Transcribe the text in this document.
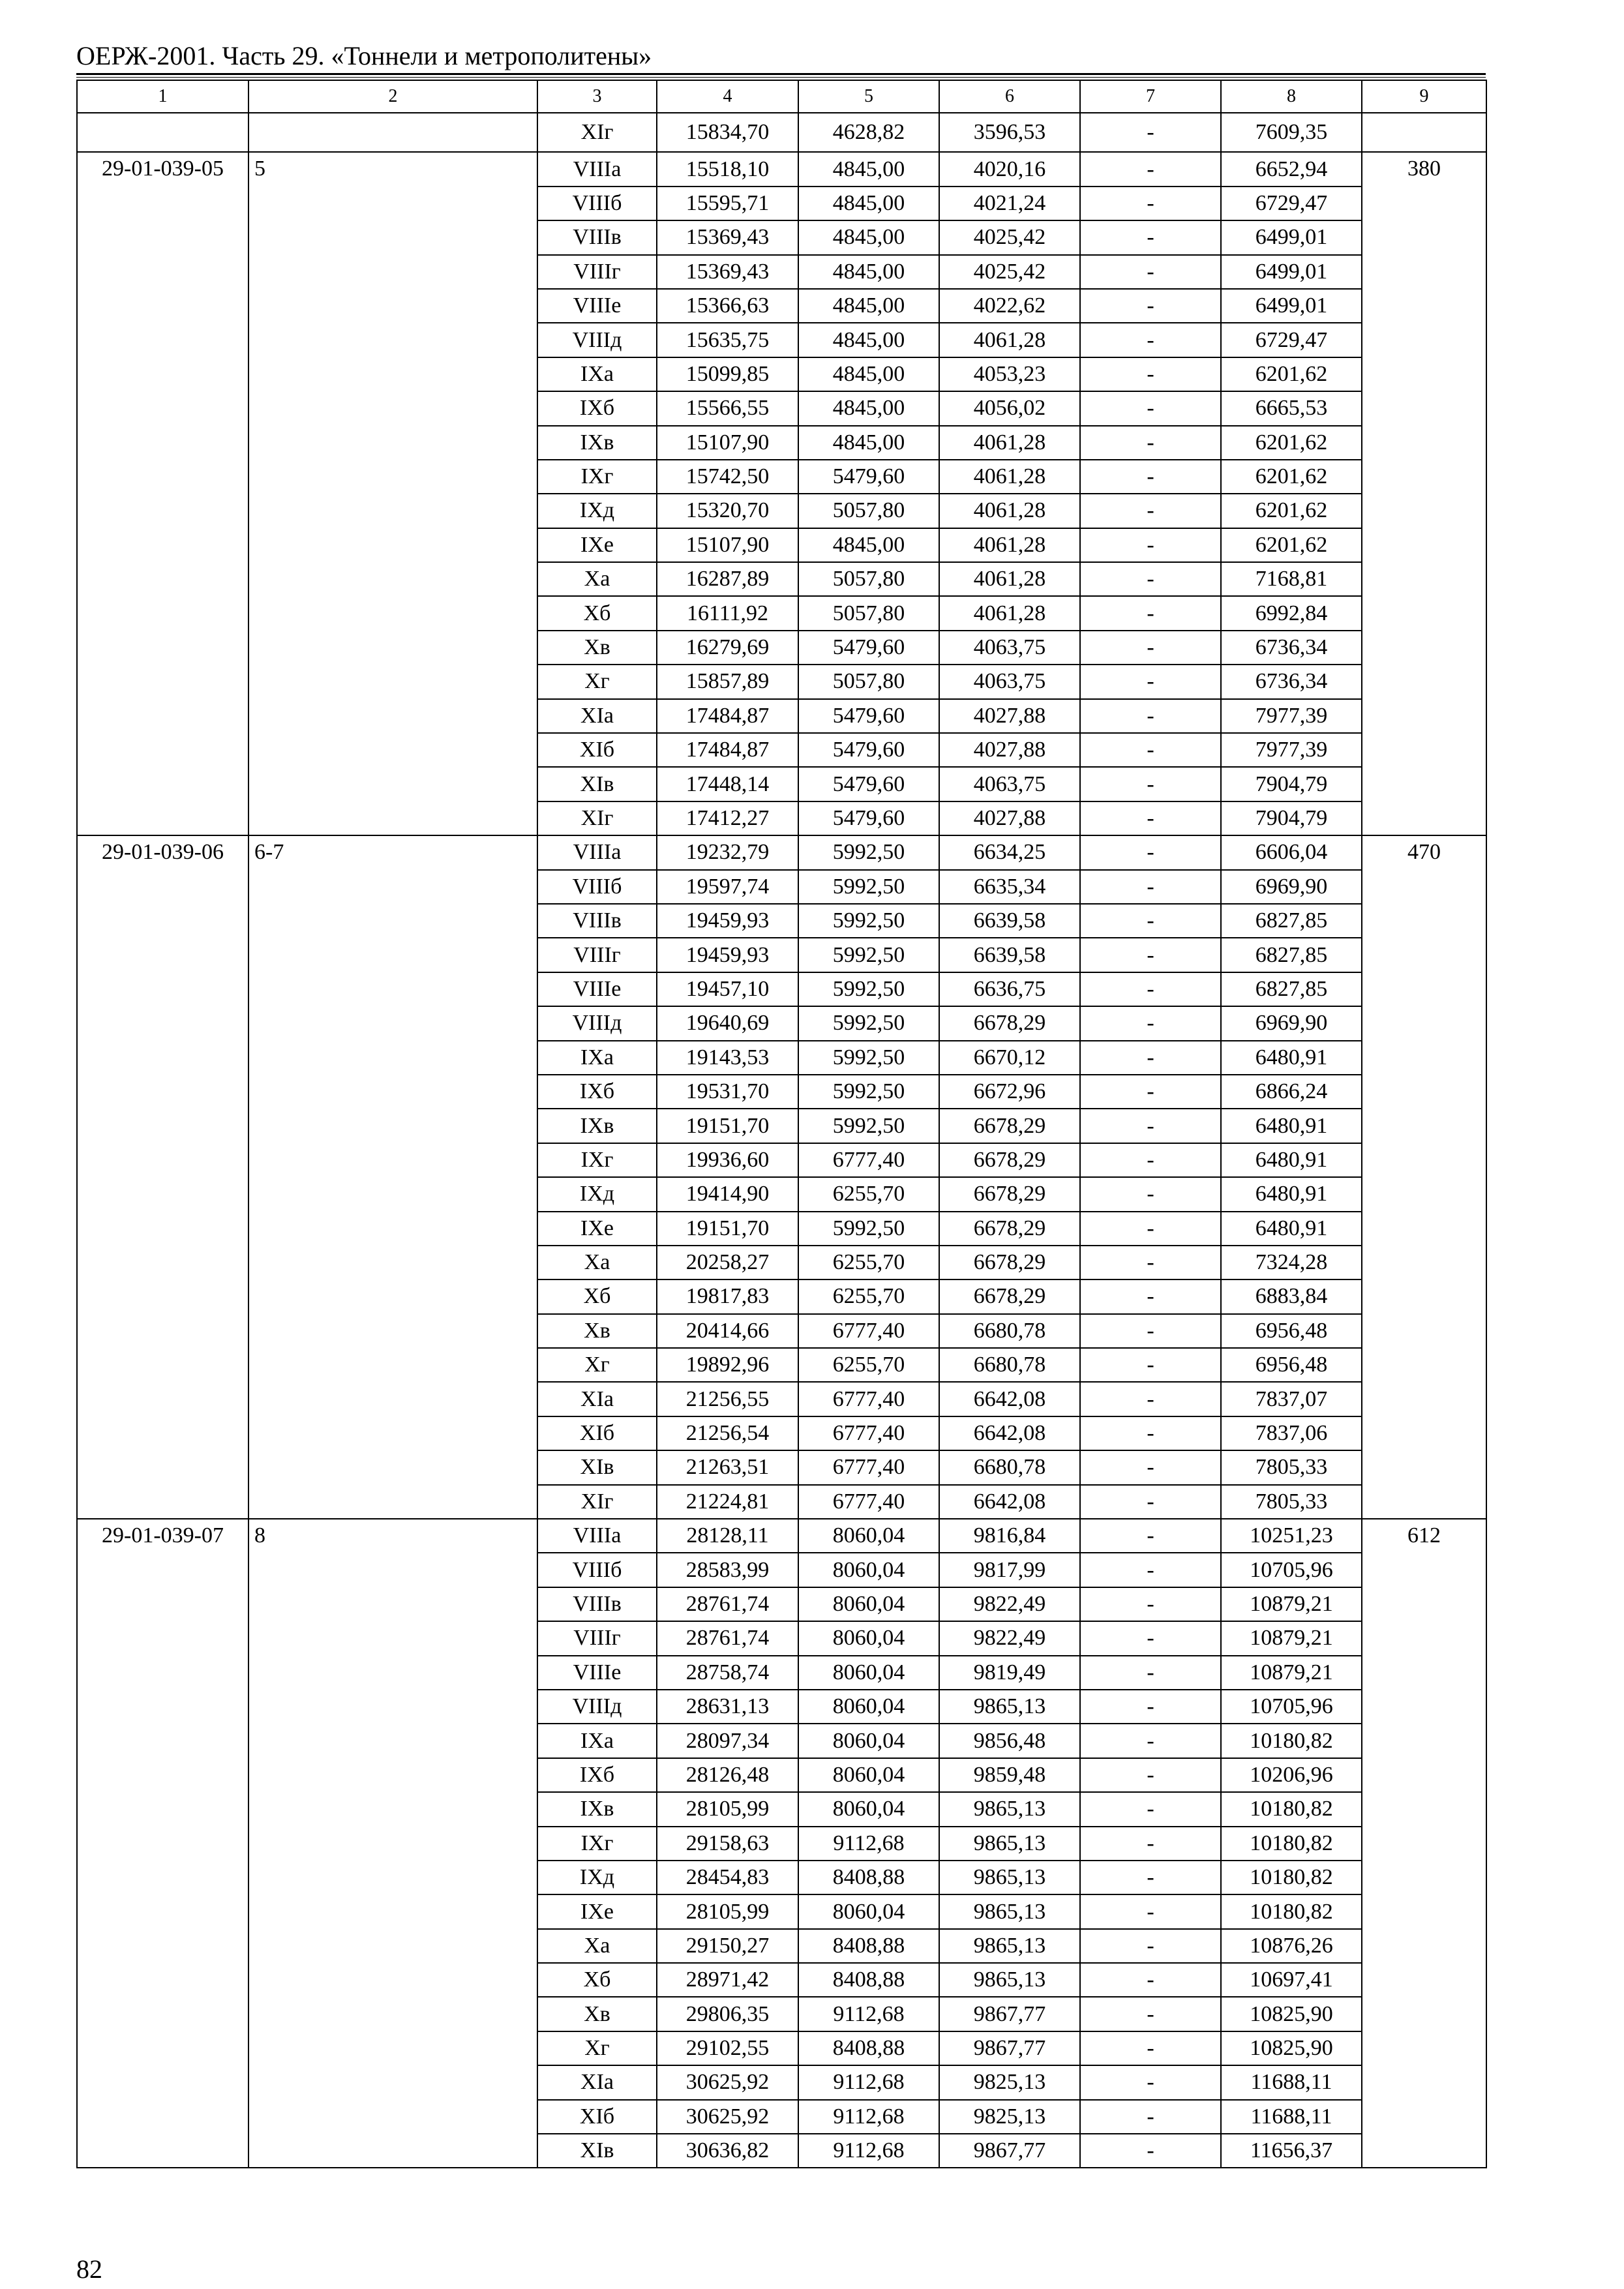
ОЕРЖ-2001. Часть 29. «Тоннели и метрополитены»
1	2	3	4	5	6	7	8	9
		XIг	15834,70	4628,82	3596,53	-	7609,35	
29-01-039-05	5	VIIIа	15518,10	4845,00	4020,16	-	6652,94	380
		VIIIб	15595,71	4845,00	4021,24	-	6729,47	
		VIIIв	15369,43	4845,00	4025,42	-	6499,01	
		VIIIг	15369,43	4845,00	4025,42	-	6499,01	
		VIIIе	15366,63	4845,00	4022,62	-	6499,01	
		VIIIд	15635,75	4845,00	4061,28	-	6729,47	
		IXа	15099,85	4845,00	4053,23	-	6201,62	
		IXб	15566,55	4845,00	4056,02	-	6665,53	
		IXв	15107,90	4845,00	4061,28	-	6201,62	
		IXг	15742,50	5479,60	4061,28	-	6201,62	
		IXд	15320,70	5057,80	4061,28	-	6201,62	
		IXе	15107,90	4845,00	4061,28	-	6201,62	
		Xа	16287,89	5057,80	4061,28	-	7168,81	
		Xб	16111,92	5057,80	4061,28	-	6992,84	
		Xв	16279,69	5479,60	4063,75	-	6736,34	
		Xг	15857,89	5057,80	4063,75	-	6736,34	
		XIа	17484,87	5479,60	4027,88	-	7977,39	
		XIб	17484,87	5479,60	4027,88	-	7977,39	
		XIв	17448,14	5479,60	4063,75	-	7904,79	
		XIг	17412,27	5479,60	4027,88	-	7904,79	
29-01-039-06	6-7	VIIIа	19232,79	5992,50	6634,25	-	6606,04	470
		VIIIб	19597,74	5992,50	6635,34	-	6969,90	
		VIIIв	19459,93	5992,50	6639,58	-	6827,85	
		VIIIг	19459,93	5992,50	6639,58	-	6827,85	
		VIIIе	19457,10	5992,50	6636,75	-	6827,85	
		VIIIд	19640,69	5992,50	6678,29	-	6969,90	
		IXа	19143,53	5992,50	6670,12	-	6480,91	
		IXб	19531,70	5992,50	6672,96	-	6866,24	
		IXв	19151,70	5992,50	6678,29	-	6480,91	
		IXг	19936,60	6777,40	6678,29	-	6480,91	
		IXд	19414,90	6255,70	6678,29	-	6480,91	
		IXе	19151,70	5992,50	6678,29	-	6480,91	
		Xа	20258,27	6255,70	6678,29	-	7324,28	
		Xб	19817,83	6255,70	6678,29	-	6883,84	
		Xв	20414,66	6777,40	6680,78	-	6956,48	
		Xг	19892,96	6255,70	6680,78	-	6956,48	
		XIа	21256,55	6777,40	6642,08	-	7837,07	
		XIб	21256,54	6777,40	6642,08	-	7837,06	
		XIв	21263,51	6777,40	6680,78	-	7805,33	
		XIг	21224,81	6777,40	6642,08	-	7805,33	
29-01-039-07	8	VIIIа	28128,11	8060,04	9816,84	-	10251,23	612
		VIIIб	28583,99	8060,04	9817,99	-	10705,96	
		VIIIв	28761,74	8060,04	9822,49	-	10879,21	
		VIIIг	28761,74	8060,04	9822,49	-	10879,21	
		VIIIе	28758,74	8060,04	9819,49	-	10879,21	
		VIIIд	28631,13	8060,04	9865,13	-	10705,96	
		IXа	28097,34	8060,04	9856,48	-	10180,82	
		IXб	28126,48	8060,04	9859,48	-	10206,96	
		IXв	28105,99	8060,04	9865,13	-	10180,82	
		IXг	29158,63	9112,68	9865,13	-	10180,82	
		IXд	28454,83	8408,88	9865,13	-	10180,82	
		IXе	28105,99	8060,04	9865,13	-	10180,82	
		Xа	29150,27	8408,88	9865,13	-	10876,26	
		Xб	28971,42	8408,88	9865,13	-	10697,41	
		Xв	29806,35	9112,68	9867,77	-	10825,90	
		Xг	29102,55	8408,88	9867,77	-	10825,90	
		XIа	30625,92	9112,68	9825,13	-	11688,11	
		XIб	30625,92	9112,68	9825,13	-	11688,11	
		XIв	30636,82	9112,68	9867,77	-	11656,37	
82
